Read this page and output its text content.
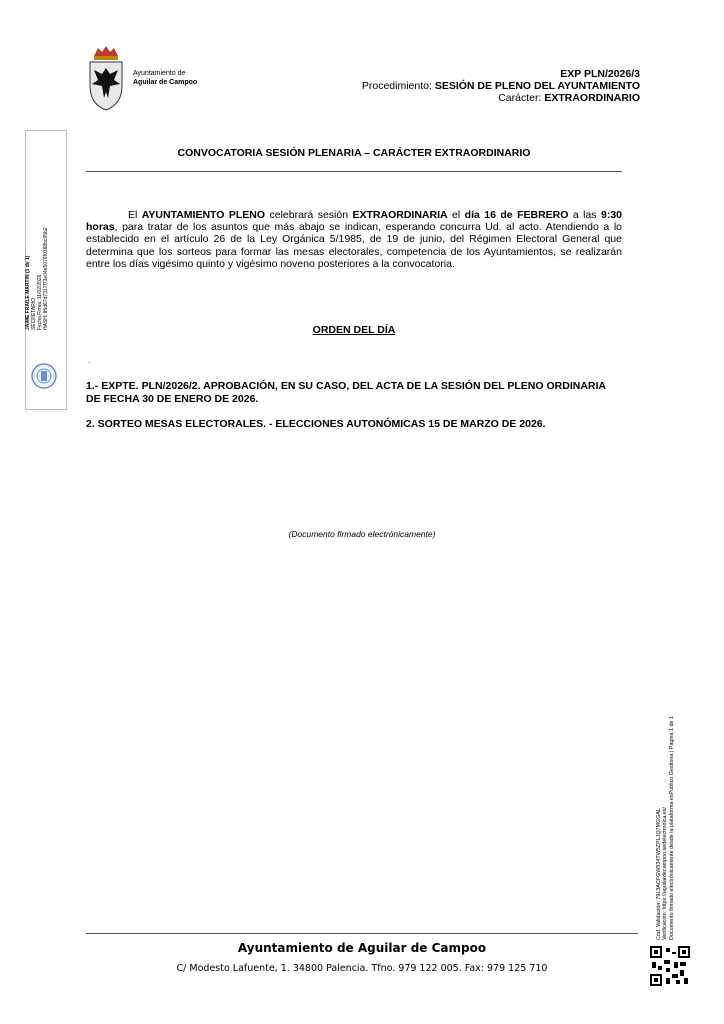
Ayuntamiento de
Aguilar de Campoo
EXP PLN/2026/3
Procedimiento: SESIÓN DE PLENO DEL AYUNTAMIENTO
Carácter: EXTRAORDINARIO
CONVOCATORIA SESIÓN PLENARIA – CARÁCTER EXTRAORDINARIO
El AYUNTAMIENTO PLENO celebrará sesión EXTRAORDINARIA el día 16 de FEBRERO a las 9:30 horas, para tratar de los asuntos que más abajo se indican, esperando concurra Ud. al acto. Atendiendo a lo establecido en el artículo 26 de la Ley Orgánica 5/1985, de 19 de junio, del Régimen Electoral General que determina que los sorteos para formar las mesas electorales, competencia de los Ayuntamientos, se realizarán entre los días vigésimo quinto y vigésimo noveno posteriores a la convocatoria.
ORDEN DEL DÍA
.
1.- EXPTE. PLN/2026/2. APROBACIÓN, EN SU CASO, DEL ACTA DE LA SESIÓN DEL PLENO ORDINARIA DE FECHA 30 DE ENERO DE 2026.
2. SORTEO MESAS ELECTORALES. - ELECCIONES AUTONÓMICAS 15 DE MARZO DE 2026.
(Documento firmado electrónicamente)
Ayuntamiento de Aguilar de Campoo
C/ Modesto Lafuente, 1. 34800 Palencia. Tfno. 979 122 005. Fax: 979 125 710
JAIME FRAILE MARTIN (1 de 1) SECRETARIO Fecha Firma: 11/02/2026 HASH: 85d67d7317f73e04e5076f0388bc05b2
Cód. Validación: 79L3ACFGW534TW5ZPLJQ7MGGAL Verificación: https://aguilardecampoo.sedelectronica.es/ Documento firmado electrónicamente desde la plataforma esPublico Gestiona | Página 1 de 1
